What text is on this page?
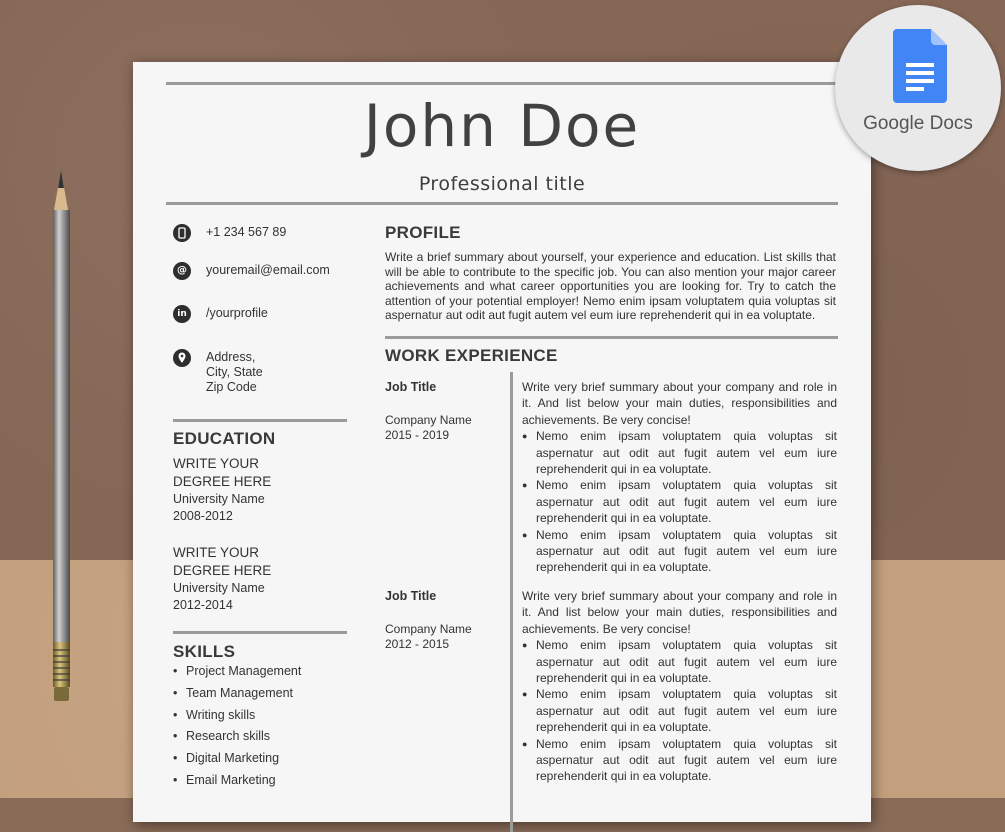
John Doe
Professional title
+1 234 567 89
@	youremail@email.com
in	/yourprofile
Address,
City, State
Zip Code
EDUCATION
WRITE YOUR
DEGREE HERE
University Name
2008-2012
WRITE YOUR
DEGREE HERE
University Name
2012-2014
SKILLS
• Project Management
• Team Management
• Writing skills
• Research skills
• Digital Marketing
• Email Marketing
PROFILE
Write a brief summary about yourself, your experience and education. List skills that will be able to contribute to the specific job. You can also mention your major career achievements and what career opportunities you are looking for. Try to catch the attention of your potential employer! Nemo enim ipsam voluptatem quia voluptas sit aspernatur aut odit aut fugit autem vel eum iure reprehenderit qui in ea voluptate.
WORK EXPERIENCE
Job Title
Company Name
2015 - 2019
Write very brief summary about your company and role in it. And list below your main duties, responsibilities and achievements. Be very concise!
● Nemo enim ipsam voluptatem quia voluptas sit aspernatur aut odit aut fugit autem vel eum iure reprehenderit qui in ea voluptate.
● Nemo enim ipsam voluptatem quia voluptas sit aspernatur aut odit aut fugit autem vel eum iure reprehenderit qui in ea voluptate.
● Nemo enim ipsam voluptatem quia voluptas sit aspernatur aut odit aut fugit autem vel eum iure reprehenderit qui in ea voluptate.
Job Title
Company Name
2012 - 2015
Write very brief summary about your company and role in it. And list below your main duties, responsibilities and achievements. Be very concise!
● Nemo enim ipsam voluptatem quia voluptas sit aspernatur aut odit aut fugit autem vel eum iure reprehenderit qui in ea voluptate.
● Nemo enim ipsam voluptatem quia voluptas sit aspernatur aut odit aut fugit autem vel eum iure reprehenderit qui in ea voluptate.
● Nemo enim ipsam voluptatem quia voluptas sit aspernatur aut odit aut fugit autem vel eum iure reprehenderit qui in ea voluptate.
Google Docs
